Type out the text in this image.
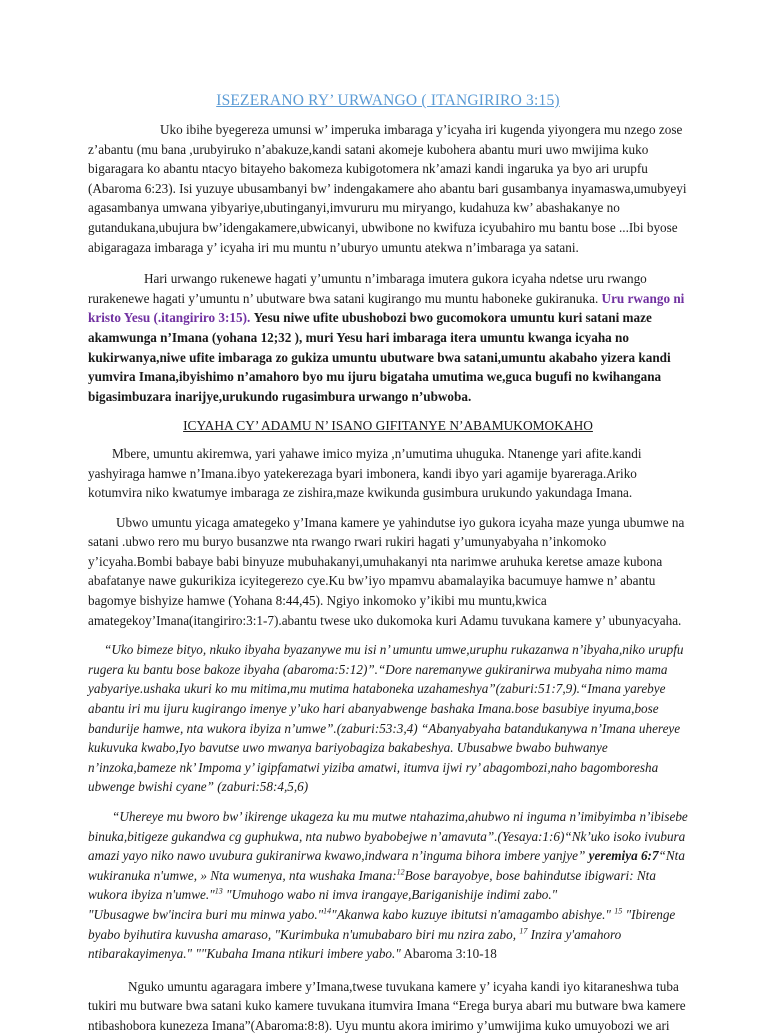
ISEZERANO RY’ URWANGO ( ITANGIRIRO 3:15)

Uko ibihe byegereza umunsi w’ imperuka imbaraga y’icyaha iri kugenda yiyongera mu nzego zose z’abantu (mu bana ,urubyiruko n’abakuze,kandi satani akomeje kubohera abantu muri uwo mwijima kuko bigaragara ko abantu ntacyo bitayeho bakomeza kubigotomera nk’amazi kandi ingaruka ya byo ari urupfu (Abaroma 6:23). Isi yuzuye ubusambanyi bw’ indengakamere aho abantu bari gusambanya inyamaswa,umubyeyi agasambanya umwana yibyariye,ubutinganyi,imvururu mu miryango, kudahuza kw’ abashakanye no gutandukana,ubujura bw’idengakamere,ubwicanyi, ubwibone no kwifuza icyubahiro mu bantu bose ...Ibi byose abigaragaza imbaraga y’ icyaha iri mu muntu n’uburyo umuntu atekwa n’imbaraga ya satani.

Hari urwango rukenewe hagati y’umuntu n’imbaraga imutera gukora icyaha ndetse uru rwango rurakenewe hagati y’umuntu n’ ubutware bwa satani kugirango mu muntu haboneke gukiranuka. Uru rwango ni kristo Yesu (.itangiriro 3:15). Yesu niwe ufite ubushobozi bwo gucomokora umuntu kuri satani maze akamwunga n’Imana (yohana 12;32 ), muri Yesu hari imbaraga itera umuntu kwanga icyaha no kukirwanya,niwe ufite imbaraga zo gukiza umuntu ubutware bwa satani,umuntu akabaho yizera kandi yumvira Imana,ibyishimo n’amahoro byo mu ijuru bigataha umutima we,guca bugufi no kwihangana bigasimbuzara inarijye,urukundo rugasimbura urwango n’ubwoba.

ICYAHA CY’ ADAMU N’ ISANO GIFITANYE N’ABAMUKOMOKAHO

Mbere, umuntu akiremwa, yari yahawe imico myiza ,n’umutima uhuguka. Ntanenge yari afite.kandi yashyiraga hamwe n’Imana.ibyo yatekerezaga byari imbonera, kandi ibyo yari agamije byarerаga.Ariko kotumvira niko kwatumye imbaraga ze zishira,maze kwikunda gusimbura urukundo yakundaga Imana.

Ubwo umuntu yicaga amategeko y’Imana kamere ye yahindutse iyo gukora icyaha maze yunga ubumwe na satani .ubwo rero mu buryo busanzwe nta rwango rwari rukiri hagati y’umunyabyaha n’inkomoko y’icyaha.Bombi babaye babi binyuze mubuhakanyi,umuhakanyi nta narimwe aruhuka keretse amaze kubona abafatanye nawe gukurikiza icyitegerezo cye.Ku bw’iyo mpamvu abamalayika bacumuye hamwe n’ abantu bagomye bishyize hamwe (Yohana 8:44,45). Ngiyo inkomoko y’ikibi mu muntu,kwica amategekoy’Imana(itangiriro:3:1-7).abantu twese uko dukomoka kuri Adamu tuvukana kamere y’ ubunyacyaha.

“Uko bimeze bityo, nkuko ibyaha byazanywe mu isi n’ umuntu umwe,uruphu rukazanwa n’ibyaha,niko urupfu rugera ku bantu bose bakoze ibyaha (abaroma:5:12)”.“Dore naremanywe gukiranirwa mubyaha nimo mama yabyariye.ushaka ukuri ko mu mitima,mu mutima hataboneka uzahameshya”(zaburi:51:7,9).“Imana yarebye abantu iri mu ijuru kugirango imenye y’uko hari abanyabwenge bashaka Imana.bose basubiye inyuma,bose bandurije hamwe, nta wukora ibyiza n’umwe”.(zaburi:53:3,4) “Abanyabyaha batandukanywa n’Imana uhereye kukuvuka kwabo,Iyo bavutse uwo mwanya bariyobagiza bakabeshya. Ubusabwe bwabo buhwanye n’inzoka,bameze nk’ Impoma y’ igipfamatwi yiziba amatwi, itumva ijwi ry’ abagombozi,naho bagomboresha ubwenge bwishi cyane” (zaburi:58:4,5,6)

“Uhereye mu bworo bw’ ikirenge ukageza ku mu mutwe ntahazima,ahubwo ni inguma n’imibyimba n’ibisebe binuka,bitigeze gukandwa cg guphukwa, nta nubwo byabobejwe n’amavuta”.(Yesaya:1:6)“Nk’uko isoko ivubura amazi yayo niko nawo uvubura gukiranirwa kwawo,indwara n’inguma bihora imbere yanjye” yeremiya 6:7“Nta wukiranuka n'umwe, » Nta wumenya, nta wushaka Imana:$^{12}$Bose barayobye, bose bahindutse ibigwari: Nta wukora ibyiza n'umwe."$^{13}$ "Umuhogo wabo ni imva irangaye,Bariganishije indimi zabo."
"Ubusagwe bw'incira buri mu minwa yabo."$^{14}$"Akanwa kabo kuzuye ibitutsi n'amagambo abishye." $^{15}$ "Ibirenge byabo byihutira kuvusha amaraso, "Kurimbuka n'umubabaro biri mu nzira zabo, $^{17}$ Inzira y'amahoro ntibarakayimenya." ""Kubaha Imana ntikuri imbere yabo." Abaroma 3:10-18

Nguko umuntu agaragara imbere y’Imana,twese tuvukana kamere y’ icyaha kandi iyo kitaraneshwa tuba tukiri mu butware bwa satani kuko kamere tuvukana itumvira Imana “Erega burya abari mu butware bwa kamere ntibashobora kunezeza Imana”(Abaroma:8:8). Uyu muntu akora imirimo y’umwijima kuko umuyobozi we ari
